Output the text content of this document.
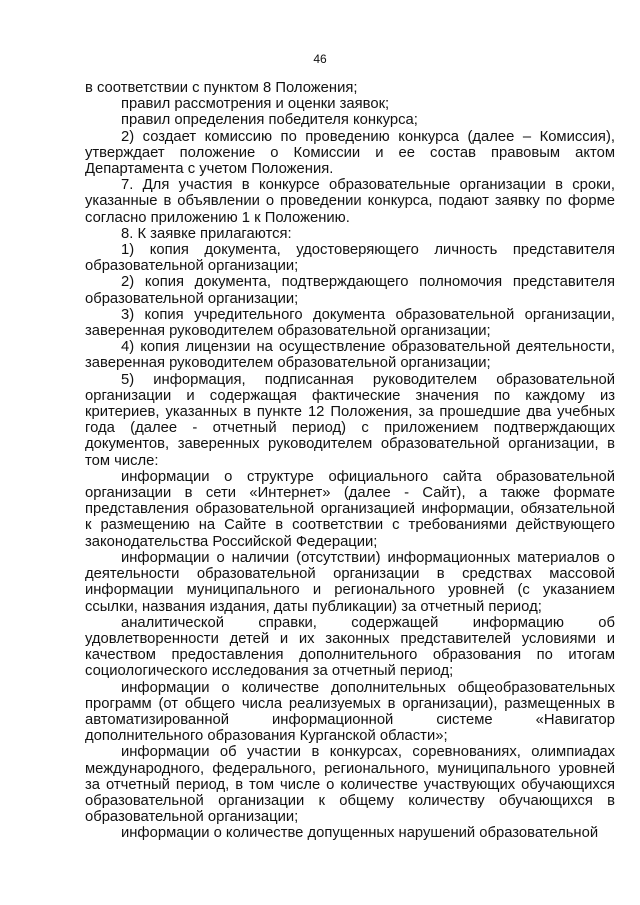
46

в соответствии с пунктом 8 Положения;

правил рассмотрения и оценки заявок;

правил определения победителя конкурса;

2) создает комиссию по проведению конкурса (далее – Комиссия), утверждает положение о Комиссии и ее состав правовым актом Департамента с учетом Положения.

7. Для участия в конкурсе образовательные организации в сроки, указанные в объявлении о проведении конкурса, подают заявку по форме согласно приложению 1 к Положению.

8. К заявке прилагаются:

1) копия документа, удостоверяющего личность представителя образовательной организации;

2) копия документа, подтверждающего полномочия представителя образовательной организации;

3) копия учредительного документа образовательной организации, заверенная руководителем образовательной организации;

4) копия лицензии на осуществление образовательной деятельности, заверенная руководителем образовательной организации;

5) информация, подписанная руководителем образовательной организации и содержащая фактические значения по каждому из критериев, указанных в пункте 12 Положения, за прошедшие два учебных года (далее - отчетный период) с приложением подтверждающих документов, заверенных руководителем образовательной организации, в том числе:

информации о структуре официального сайта образовательной организации в сети «Интернет» (далее - Сайт), а также формате представления образовательной организацией информации, обязательной к размещению на Сайте в соответствии с требованиями действующего законодательства Российской Федерации;

информации о наличии (отсутствии) информационных материалов о деятельности образовательной организации в средствах массовой информации муниципального и регионального уровней (с указанием ссылки, названия издания, даты публикации) за отчетный период;

аналитической справки, содержащей информацию об удовлетворенности детей и их законных представителей условиями и качеством предоставления дополнительного образования по итогам социологического исследования за отчетный период;

информации о количестве дополнительных общеобразовательных программ (от общего числа реализуемых в организации), размещенных в автоматизированной информационной системе «Навигатор дополнительного образования Курганской области»;

информации об участии в конкурсах, соревнованиях, олимпиадах международного, федерального, регионального, муниципального уровней за отчетный период, в том числе о количестве участвующих обучающихся образовательной организации к общему количеству обучающихся в образовательной организации;

информации о количестве допущенных нарушений образовательной
